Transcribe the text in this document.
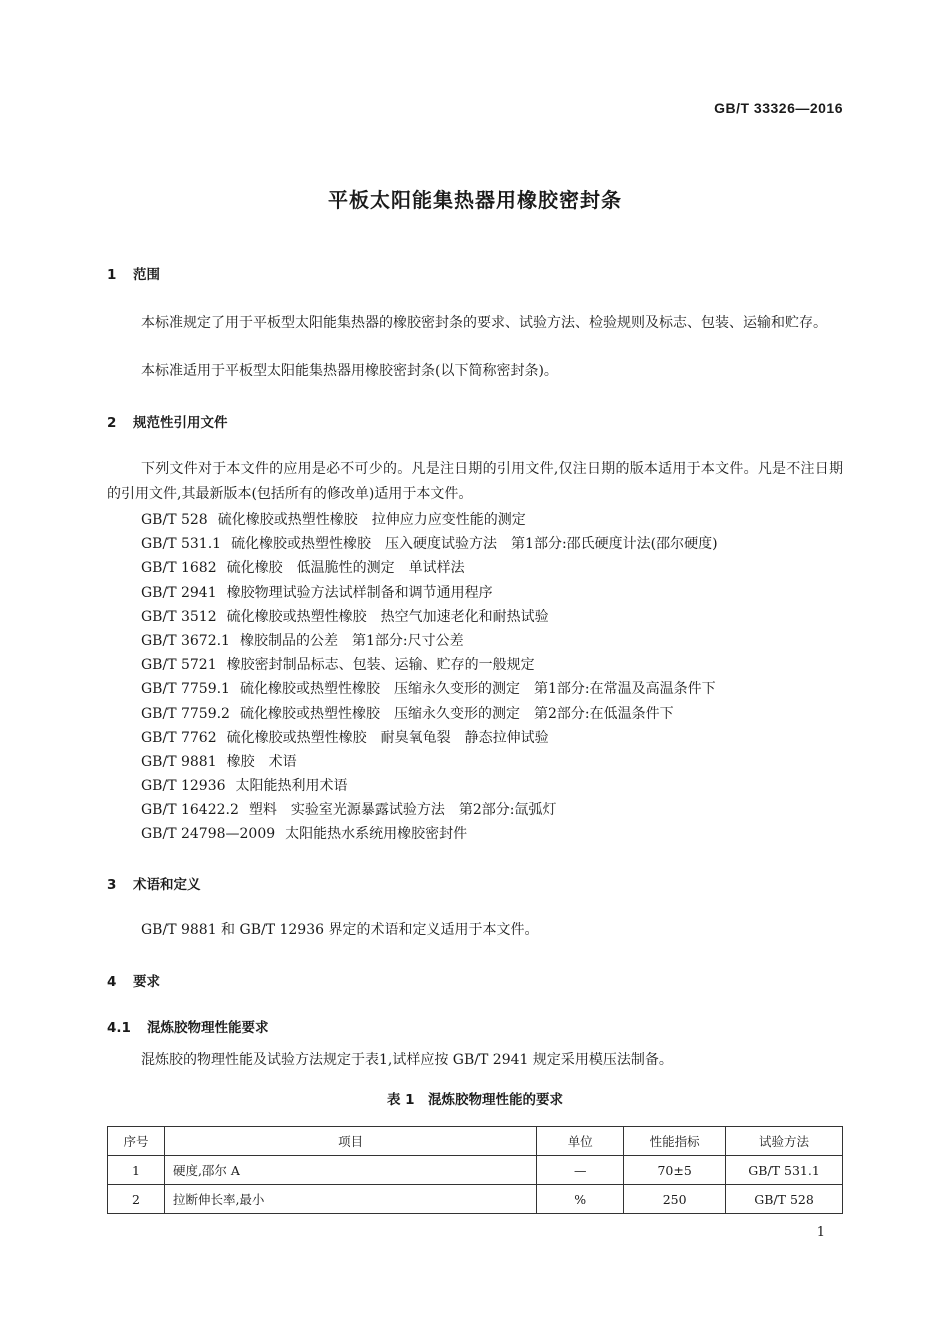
GB/T 33326—2016
平板太阳能集热器用橡胶密封条
1 范围
本标准规定了用于平板型太阳能集热器的橡胶密封条的要求、试验方法、检验规则及标志、包装、运输和贮存。
本标准适用于平板型太阳能集热器用橡胶密封条(以下简称密封条)。
2 规范性引用文件
下列文件对于本文件的应用是必不可少的。凡是注日期的引用文件,仅注日期的版本适用于本文件。凡是不注日期的引用文件,其最新版本(包括所有的修改单)适用于本文件。
GB/T 528 硫化橡胶或热塑性橡胶　拉伸应力应变性能的测定
GB/T 531.1 硫化橡胶或热塑性橡胶　压入硬度试验方法　第1部分:邵氏硬度计法(邵尔硬度)
GB/T 1682 硫化橡胶　低温脆性的测定　单试样法
GB/T 2941 橡胶物理试验方法试样制备和调节通用程序
GB/T 3512 硫化橡胶或热塑性橡胶　热空气加速老化和耐热试验
GB/T 3672.1 橡胶制品的公差　第1部分:尺寸公差
GB/T 5721 橡胶密封制品标志、包装、运输、贮存的一般规定
GB/T 7759.1 硫化橡胶或热塑性橡胶　压缩永久变形的测定　第1部分:在常温及高温条件下
GB/T 7759.2 硫化橡胶或热塑性橡胶　压缩永久变形的测定　第2部分:在低温条件下
GB/T 7762 硫化橡胶或热塑性橡胶　耐臭氧龟裂　静态拉伸试验
GB/T 9881 橡胶　术语
GB/T 12936 太阳能热利用术语
GB/T 16422.2 塑料　实验室光源暴露试验方法　第2部分:氙弧灯
GB/T 24798—2009 太阳能热水系统用橡胶密封件
3 术语和定义
GB/T 9881 和 GB/T 12936 界定的术语和定义适用于本文件。
4 要求
4.1 混炼胶物理性能要求
混炼胶的物理性能及试验方法规定于表1,试样应按 GB/T 2941 规定采用模压法制备。
表 1　混炼胶物理性能的要求
序号	项目	单位	性能指标	试验方法
1	硬度,邵尔 A	—	70±5	GB/T 531.1
2	拉断伸长率,最小	%	250	GB/T 528
1
